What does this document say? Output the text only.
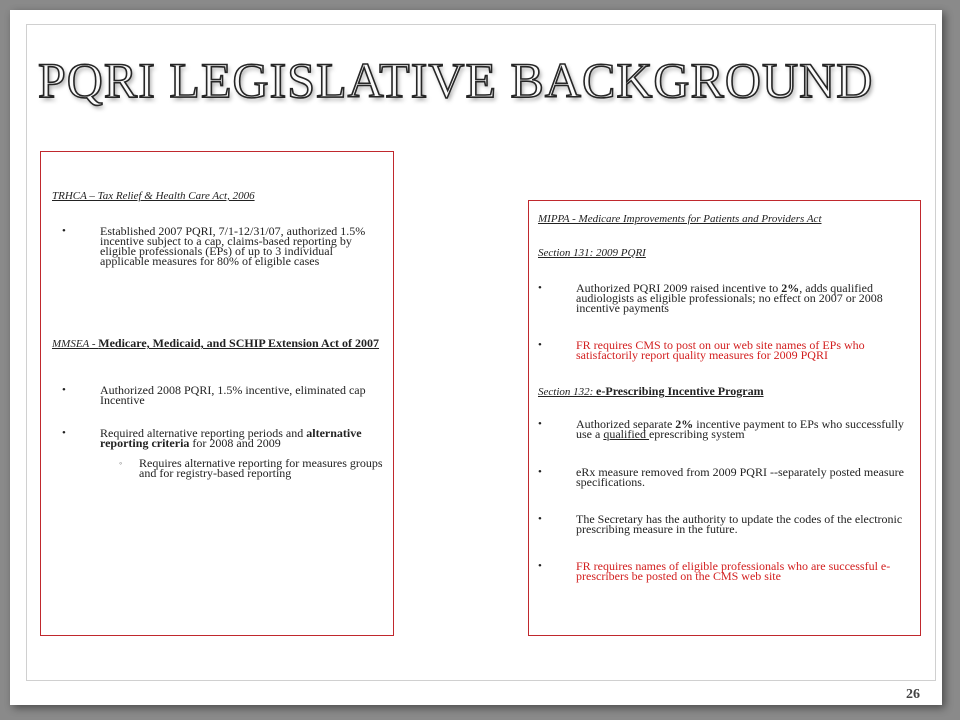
PQRI LEGISLATIVE BACKGROUND
TRHCA – Tax Relief & Health Care Act, 2006
•	Established 2007 PQRI, 7/1-12/31/07, authorized 1.5% incentive subject to a cap, claims-based reporting by eligible professionals (EPs) of up to 3 individual applicable measures for 80% of eligible cases
MMSEA - Medicare, Medicaid, and SCHIP Extension Act of 2007
•	Authorized 2008 PQRI, 1.5% incentive, eliminated cap Incentive
•	Required alternative reporting periods and alternative reporting criteria for 2008 and 2009
◦ Requires alternative reporting for measures groups and for registry-based reporting
MIPPA - Medicare Improvements for Patients and Providers Act
Section 131: 2009 PQRI
•	Authorized PQRI 2009 raised incentive to 2%, adds qualified audiologists as eligible professionals; no effect on 2007 or 2008 incentive payments
•	FR requires CMS to post on our web site names of EPs who satisfactorily report quality measures for 2009 PQRI
Section 132: e-Prescribing Incentive Program
•	Authorized separate 2% incentive payment to EPs who successfully use a qualified eprescribing system
•	eRx measure removed from 2009 PQRI --separately posted measure specifications.
•	The Secretary has the authority to update the codes of the electronic prescribing measure in the future.
•	FR requires names of eligible professionals who are successful e-prescribers be posted on the CMS web site
26
